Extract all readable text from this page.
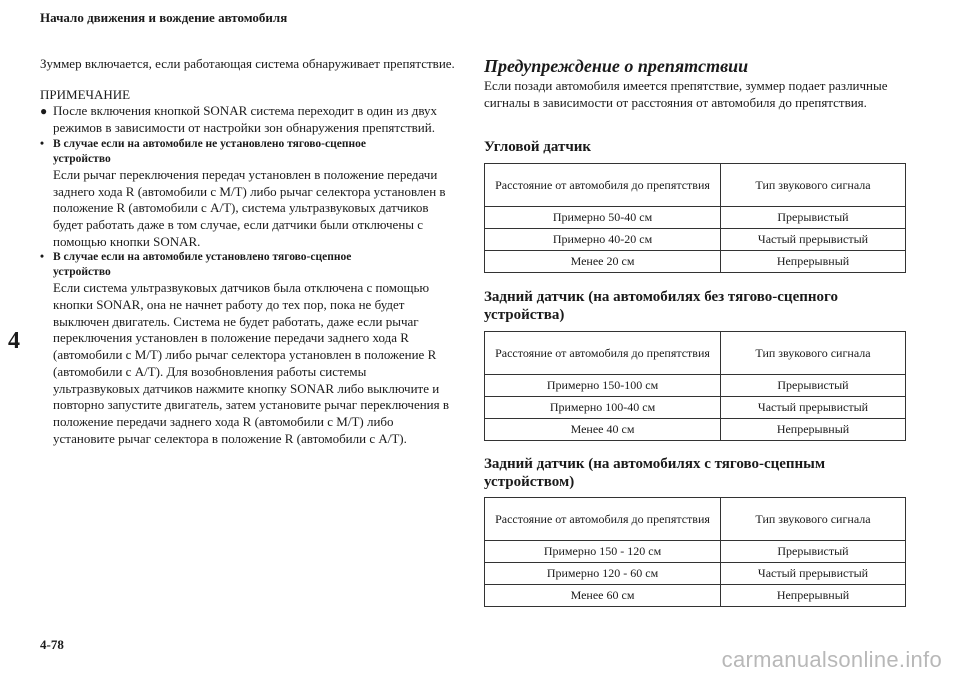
Начало движения и вождение автомобиля

Зуммер включается, если работающая система обнаруживает препятствие.

ПРИМЕЧАНИЕ

● После включения кнопкой SONAR система переходит в один из двух режимов в зависимости от настройки зон обнаружения препятствий.
• В случае если на автомобиле не установлено тягово-сцепное
устройство
Если рычаг переключения передач установлен в положение передачи заднего хода R (автомобили с M/T) либо рычаг селектора установлен в положение R (автомобили с A/T), система ультразвуковых датчиков будет работать даже в том случае, если датчики были отключены с помощью кнопки SONAR.
• В случае если на автомобиле установлено тягово-сцепное
устройство
Если система ультразвуковых датчиков была отключена с помощью кнопки SONAR, она не начнет работу до тех пор, пока не будет выключен двигатель. Система не будет работать, даже если рычаг переключения установлен в положение передачи заднего хода R (автомобили с M/T) либо рычаг селектора установлен в положение R (автомобили с A/T). Для возобновления работы системы ультразвуковых датчиков нажмите кнопку SONAR либо выключите и повторно запустите двигатель, затем установите рычаг переключения в положение передачи заднего хода R (автомобили с M/T) либо установите рычаг селектора в положение R (автомобили с A/T).
4
4-78

Предупреждение о препятствии

Если позади автомобиля имеется препятствие, зуммер подает различные сигналы в зависимости от расстояния от автомобиля до препятствия.

Угловой датчик

Расстояние от автомобиля до препятствия	Тип звукового сигнала
Примерно 50-40 см	Прерывистый
Примерно 40-20 см	Частый прерывистый
Менее 20 см	Непрерывный

Задний датчик (на автомобилях без тягово-сцепного устройства)

Расстояние от автомобиля до препятствия	Тип звукового сигнала
Примерно 150-100 см	Прерывистый
Примерно 100-40 см	Частый прерывистый
Менее 40 см	Непрерывный

Задний датчик (на автомобилях с тягово-сцепным устройством)

Расстояние от автомобиля до препятствия	Тип звукового сигнала
Примерно 150 - 120 см	Прерывистый
Примерно 120 - 60 см	Частый прерывистый
Менее 60 см	Непрерывный
carmanualsonline.info
